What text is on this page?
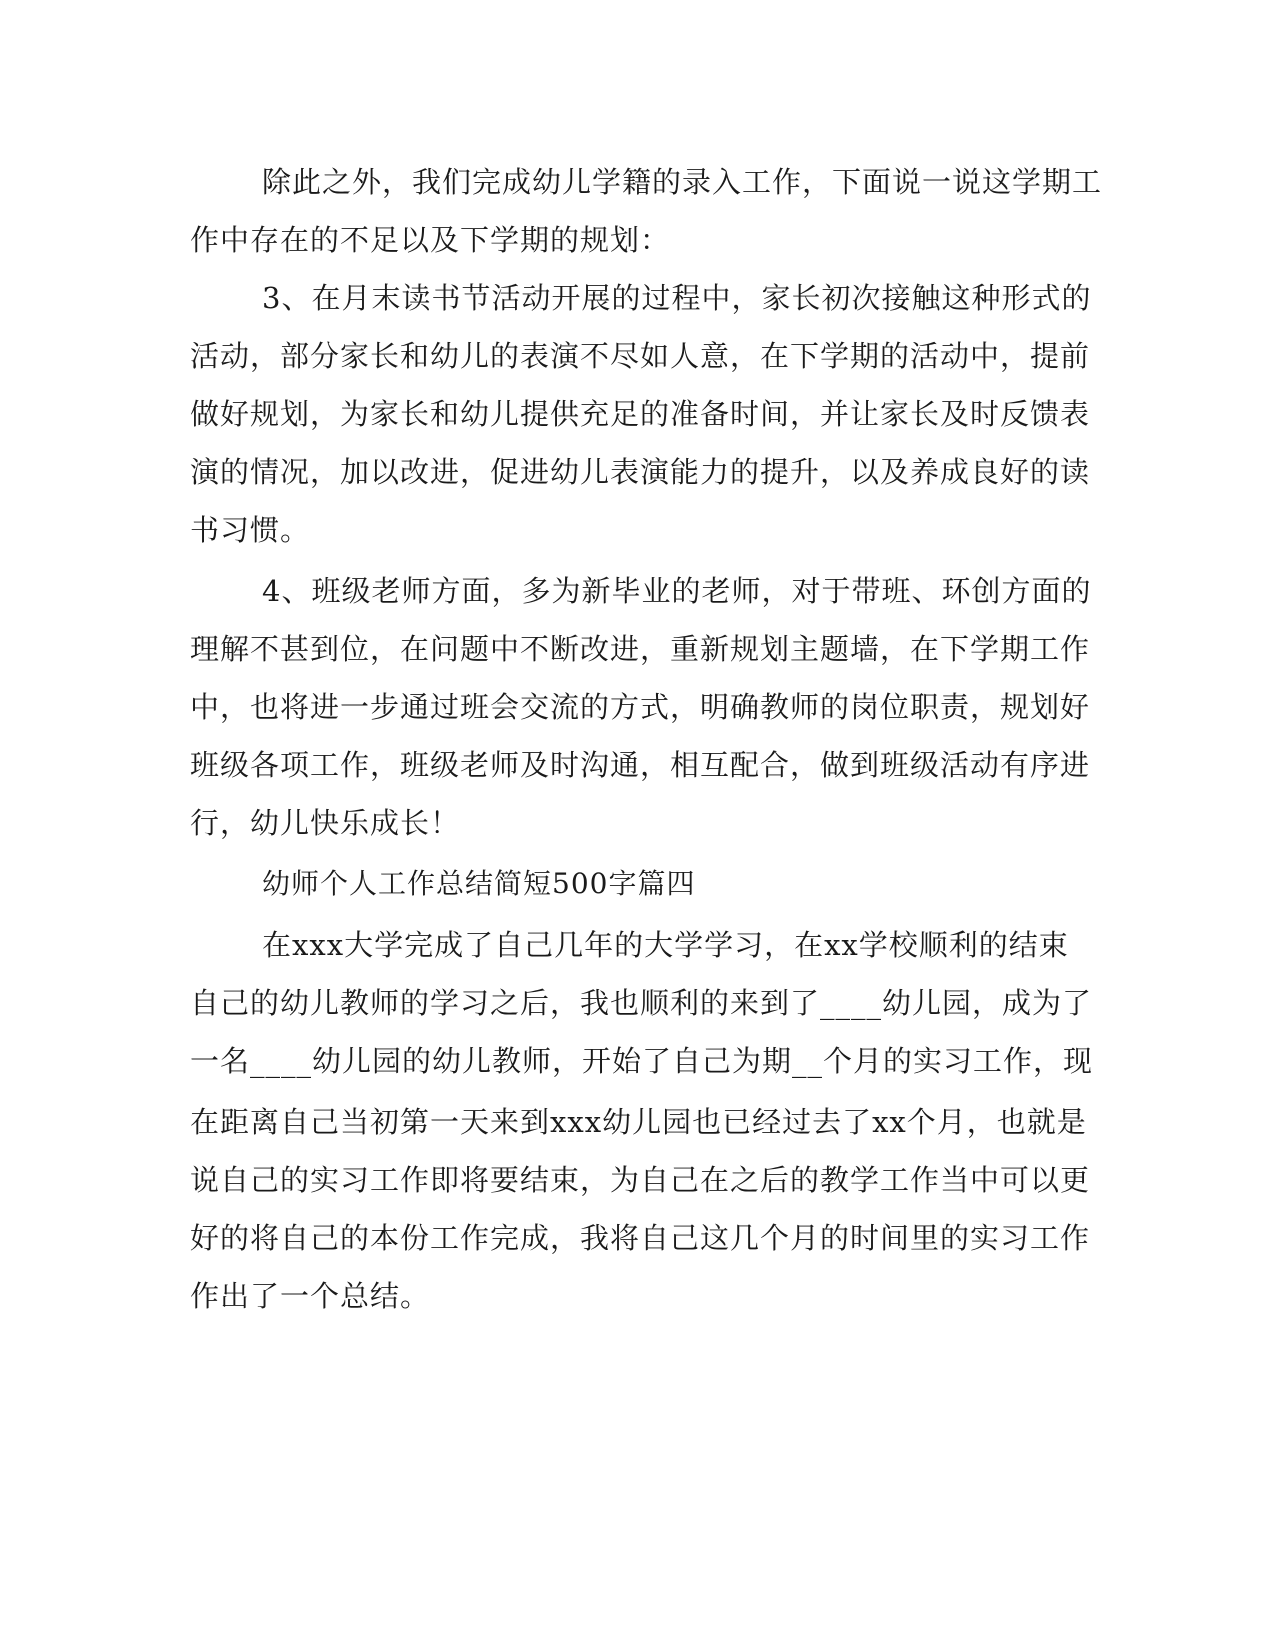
除此之外，我们完成幼儿学籍的录入工作，下面说一说这学期工
作中存在的不足以及下学期的规划：
3、在月末读书节活动开展的过程中，家长初次接触这种形式的
活动，部分家长和幼儿的表演不尽如人意，在下学期的活动中，提前
做好规划，为家长和幼儿提供充足的准备时间，并让家长及时反馈表
演的情况，加以改进，促进幼儿表演能力的提升，以及养成良好的读
书习惯。
4、班级老师方面，多为新毕业的老师，对于带班、环创方面的
理解不甚到位，在问题中不断改进，重新规划主题墙，在下学期工作
中，也将进一步通过班会交流的方式，明确教师的岗位职责，规划好
班级各项工作，班级老师及时沟通，相互配合，做到班级活动有序进
行，幼儿快乐成长！
幼师个人工作总结简短500字篇四
在xxx大学完成了自己几年的大学学习，在xx学校顺利的结束
自己的幼儿教师的学习之后，我也顺利的来到了____幼儿园，成为了
一名____幼儿园的幼儿教师，开始了自己为期__个月的实习工作，现
在距离自己当初第一天来到xxx幼儿园也已经过去了xx个月，也就是
说自己的实习工作即将要结束，为自己在之后的教学工作当中可以更
好的将自己的本份工作完成，我将自己这几个月的时间里的实习工作
作出了一个总结。
